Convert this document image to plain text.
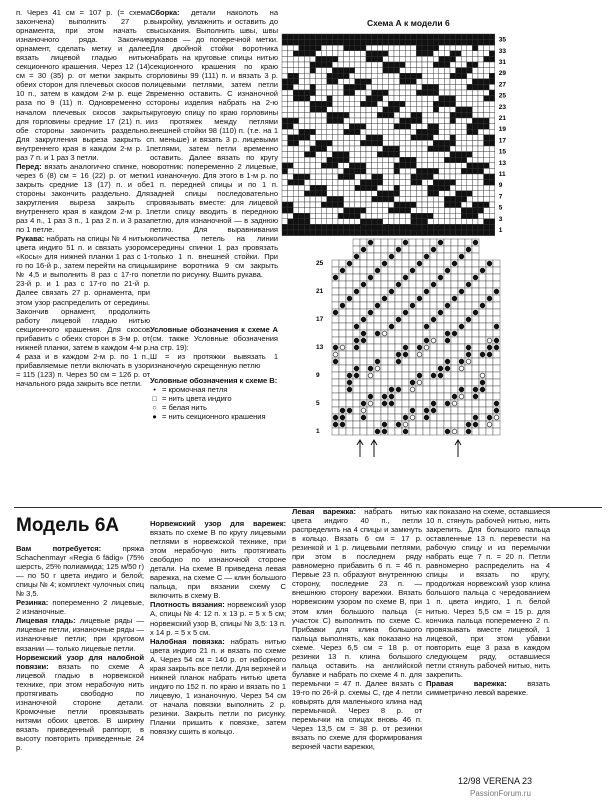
п. Через 41 см = 107 р. (= схема закончена) выполнить 27 р. орнамента, при этом начать с изнаночного ряда. Закончив орнамент, сделать метку и далее вязать лицевой гладью нитью секционного крашения. Через 12 (14) см = 30 (35) р. от метки закрыть с обеих сторон для плечевых скосов по 10 п., затем в каждом 2-м р. еще 2 раза по 9 (11) п. Одновременно с началом плечевых скосов закрыть для горловины средние 17 (21) п. и обе стороны закончить раздельно. Для закругления выреза закрыть с внутреннего края в каждом 2-м р. 1 раз 7 п. и 1 раз 3 петли.

Перед: вязать аналогично спинке, но через 6 (8) см = 16 (22) р. от метки закрыть средние 13 (17) п. и обе стороны закончить раздельно. Для закругления выреза закрыть с внутреннего края в каждом 2-м р. 1 раз 4 п., 1 раз 3 п., 1 раз 2 п. и 3 раза по 1 петле.

Рукава: набрать на спицы № 4 нитью цвета индиго 51 п. и связать узором «Косы» для нижней планки 1 раз с 1-го по 16-й р., затем перейти на спицы № 4,5 и выполнить 8 раз с 17-го по 23-й р. и 1 раз с 17-го по 21-й р. Далее связать 27 р. орнамента, при этом узор распределить от середины. Закончив орнамент, продолжить работу лицевой гладью нитью секционного крашения. Для скосов прибавить с обеих сторон в 3-м р. от нижней планки, затем в каждом 4-м р. 4 раза и в каждом 2-м р. по 1 п., прибавляемые петли включать в узор = 115 (123) п. Через 50 см = 126 р. от начального ряда закрыть все петли.

Сборка: детали наколоть на выкройку, увлажнить и оставить до высыхания. Выполнить швы, швы рукавов — до поперечной метки. Для двойной стойки воротника набрать на круговые спицы нитью секционного крашения по краю горловины 99 (111) п. и вязать 3 р. лицевыми петлями, затем петли временно оставить. С изнаночной стороны изделия набрать на 2-ю круговую спицу по краю горловины из протяжек между петлями внешней стойки 98 (110) п. (т.е. на 1 п. меньше) и вязать 3 р. лицевыми петлями, затем петли временно оставить. Далее вязать по кругу воротник: попеременно 2 лицевые, 1 изнаночную. Для этого в 1-м р. по 1 п. передней спицы и по 1 п. задней спицы последовательно провязывать вместе: для лицевой петли спицу вводить в переднюю петлю, для изнаночной — в заднюю петлю. Для выравнивания количества петель на линии середины спинки 1 раз провязать только 1 п. внешней стойки. При ширине воротника 9 см закрыть петли по рисунку. Вшить рукава.

Схема А к модели 6
35
33
31
29
27
25
23
21
19
17
15
13
11
9
7
5
3
1
Схема В к модели 6
25
21
17
13
9
5
1

Условные обозначения к схеме А (см. также Условные обозначения на стр. 19):

Ш = из протяжки вывязать 1 изнаночную скрещенную петлю

Условные обозначения к схеме В:

• = кромочная петля
□ = нить цвета индиго
○ = белая нить
● = нить секционного крашения
Модель 6А

Вам потребуется: пряжа Schachenmayr «Regia 6 fädig» (75% шерсть, 25% полиамида; 125 м/50 г) — по 50 г цвета индиго и белой; спицы № 4; комплект чулочных спиц № 3,5.

Резинка: попеременно 2 лицевые, 2 изнаночные.

Лицевая гладь: лицевые ряды — лицевые петли, изнаночные ряды — изнаночные петли; при круговом вязании — только лицевые петли.

Норвежский узор для налобной повязки: вязать по схеме А лицевой гладью в норвежской технике, при этом нерабочую нить протягивать свободно по изнаночной стороне детали. Кромочные петли провязывать нитями обоих цветов. В ширину вязать приведенный раппорт, в высоту повторить приведенные 24 р.

Норвежский узор для варежек: вязать по схеме В по кругу лицевыми петлями в норвежской технике, при этом нерабочую нить протягивать свободно по изнаночной стороне детали. На схеме В приведена левая варежка, на схеме С — клин большого пальца, при вязании схему С включить в схему В.

Плотность вязания: норвежский узор А, спицы № 4: 12 п. х 13 р. = 5 х 5 см; норвежский узор В, спицы № 3,5: 13 п. х 14 р. = 5 х 5 см.

Налобная повязка: набрать нитью цвета индиго 21 п. и вязать по схеме А. Через 54 см = 140 р. от наборного края закрыть все петли. Для верхней и нижней планок набрать нитью цвета индиго по 152 п. по краю и вязать по 1 лицевую, 1 изнаночную. Через 54 см от начала повязки выполнить 2 р. резинки. Закрыть петли по рисунку. Планки пришить к повязке, затем повязку сшить в кольцо.

Левая варежка: набрать нитью цвета индиго 40 п., петли распределить на 4 спицы и замкнуть в кольцо. Вязать 6 см = 17 р. резинкой и 1 р. лицевыми петлями, при этом в последнем ряду равномерно прибавить 6 п. = 46 п. Первые 23 п. образуют внутреннюю сторону, последние 23 п. — внешнюю сторону варежки. Вязать норвежским узором по схеме В, при этом клин большого пальца (= участок С) выполнить по схеме С. Прибавки для клина большого пальца выполнять, как показано на схеме. Через 6,5 см = 18 р. от резинки 13 п. клина большого пальца оставить на английской булавке и набрать по схеме 4 п. для перемычки = 47 п. Далее вязать с 19-го по 26-й р. схемы С, где 4 петли ковырять для маленького клина над перемычкой. Через 8 р. от перемычки на спицах вновь 46 п. Через 13,5 см = 38 р. от резинки вязать по схеме для формирования верхней части варежки,

как показано на схеме, оставшиеся 10 п. стянуть рабочей нитью, нить закрепить. Для большого пальца оставленные 13 п. перевести на рабочую спицу и из перемычки набрать еще 7 п. = 20 п. Петли равномерно распределить на 4 спицы и вязать по кругу, продолжая норвежский узор клина большого пальца с чередованием 1 п. цвета индиго, 1 п. белой нитью. Через 5,5 см = 15 р. для кончика пальца попеременно 2 п. провязывать вместе лицевой, 1 лицевой, при этом убавки повторить еще 3 раза в каждом следующем ряду, оставшиеся петли стянуть рабочей нитью, нить закрепить.

Правая варежка: вязать симметрично левой варежке.

12/98 VERENA 23
PassionForum.ru
